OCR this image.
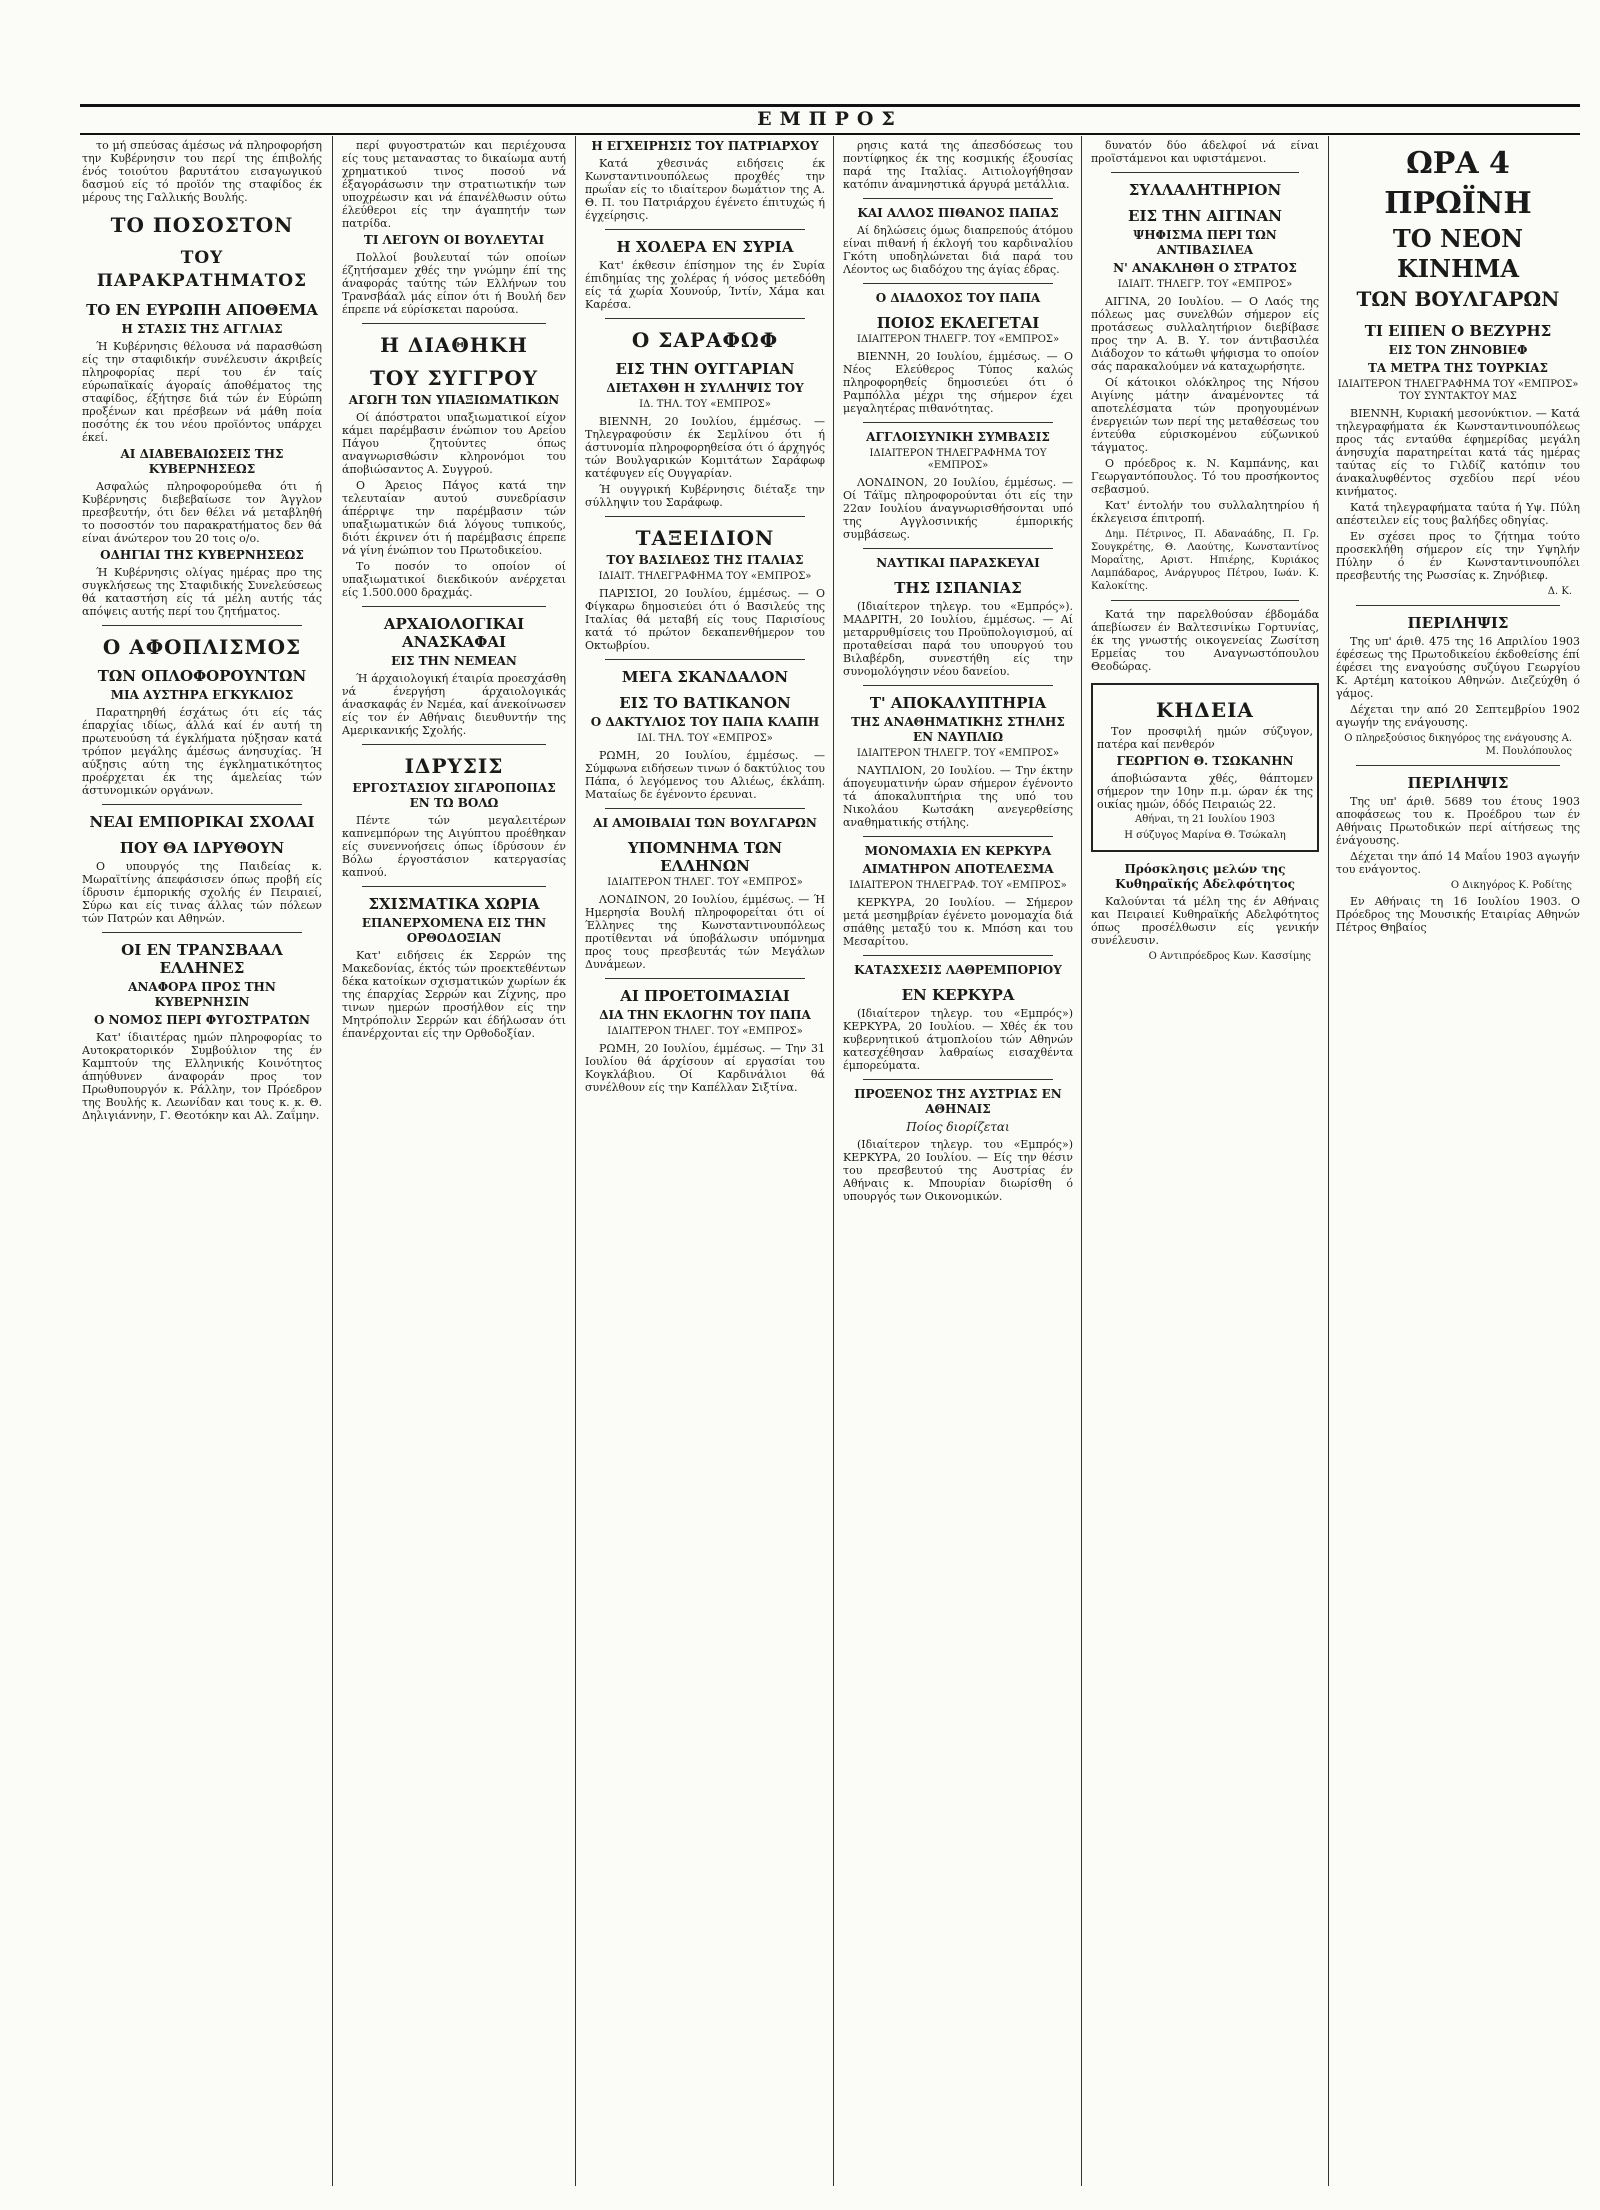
ΕΜΠΡΟΣ
το μή σπεύσας άμέσως νά πληροφορήση την Κυβέρνησιν του περί της έπιβολής ένός τοιούτου βαρυτάτου εισαγωγικού δασμού είς τό προϊόν της σταφίδος έκ μέρους της Γαλλικής Βουλής.
ΤΟ ΠΟΣΟΣΤΟΝ
ΤΟΥ ΠΑΡΑΚΡΑΤΗΜΑΤΟΣ
ΤΟ ΕΝ ΕΥΡΩΠΗ ΑΠΟΘΕΜΑ
Η ΣΤΑΣΙΣ ΤΗΣ ΑΓΓΛΙΑΣ
Ή Κυβέρνησις θέλουσα νά παρασθώση είς την σταφιδικήν συνέλευσιν άκριβείς πληροφορίας περί του έν ταίς εύρωπαϊκαίς άγοραίς άποθέματος της σταφίδος, έξήτησε διά τών έν Εύρώπη προξένων και πρέσβεων νά μάθη ποία ποσότης έκ του νέου προϊόντος υπάρχει έκεί.
ΑΙ ΔΙΑΒΕΒΑΙΩΣΕΙΣ ΤΗΣ ΚΥΒΕΡΝΗΣΕΩΣ
Ασφαλώς πληροφορούμεθα ότι ή Κυβέρνησις διεβεβαίωσε τον Άγγλον πρεσβευτήν, ότι δεν θέλει νά μεταβληθή το ποσοστόν του παρακρατήματος δεν θά είναι άνώτερον του 20 τοις ο/ο.
ΟΔΗΓΙΑΙ ΤΗΣ ΚΥΒΕΡΝΗΣΕΩΣ
Ή Κυβέρνησις ολίγας ημέρας προ της συγκλήσεως της Σταφιδικής Συνελεύσεως θά καταστήση είς τά μέλη αυτής τάς απόψεις αυτής περί του ζητήματος.
Ο ΑΦΟΠΛΙΣΜΟΣ
ΤΩΝ ΟΠΛΟΦΟΡΟΥΝΤΩΝ
ΜΙΑ ΑΥΣΤΗΡΑ ΕΓΚΥΚΛΙΟΣ
Παρατηρηθή έσχάτως ότι είς τάς έπαρχίας ιδίως, άλλά καί έν αυτή τη πρωτευούση τά έγκλήματα ηύξησαν κατά τρόπον μεγάλης άμέσως άνησυχίας. Ή αύξησις αύτη της έγκληματικότητος προέρχεται έκ της άμελείας τών άστυνομικών οργάνων.
ΝΕΑΙ ΕΜΠΟΡΙΚΑΙ ΣΧΟΛΑΙ
ΠΟΥ ΘΑ ΙΔΡΥΘΟΥΝ
Ο υπουργός της Παιδείας κ. Μωραϊτίνης άπεφάσισεν όπως προβή είς ίδρυσιν έμπορικής σχολής έν Πειραιεί, Σύρω και είς τινας άλλας τών πόλεων τών Πατρών και Αθηνών.
ΟΙ ΕΝ ΤΡΑΝΣΒΑΑΛ ΕΛΛΗΝΕΣ
ΑΝΑΦΟΡΑ ΠΡΟΣ ΤΗΝ ΚΥΒΕΡΝΗΣΙΝ
Ο ΝΟΜΟΣ ΠΕΡΙ ΦΥΓΟΣΤΡΑΤΩΝ
Κατ' ίδιαιτέρας ημών πληροφορίας το Αυτοκρατορικόν Συμβούλιον της έν Καμπτούν της Ελληνικής Κοινότητος άπηύθυνεν άναφοράν προς τον Πρωθυπουργόν κ. Ράλλην, τον Πρόεδρον της Βουλής κ. Λεωνίδαν και τους κ. κ. Θ. Δηλιγιάννην, Γ. Θεοτόκην και Αλ. Ζαΐμην.
περί φυγοστρατών και περιέχουσα είς τους μεταναστας το δικαίωμα αυτή χρηματικού τινος ποσού νά έξαγοράσωσιν την στρατιωτικήν των υποχρέωσιν και νά έπανέλθωσιν ούτω έλεύθεροι είς την άγαπητήν των πατρίδα.
ΤΙ ΛΕΓΟΥΝ ΟΙ ΒΟΥΛΕΥΤΑΙ
Πολλοί βουλευταί τών οποίων έζητήσαμεν χθές την γνώμην έπί της άναφοράς ταύτης τών Ελλήνων του Τρανσβάαλ μάς είπον ότι ή Βουλή δεν έπρεπε νά εύρίσκεται παρούσα.
Η ΔΙΑΘΗΚΗ
ΤΟΥ ΣΥΓΓΡΟΥ
ΑΓΩΓΗ ΤΩΝ ΥΠΑΞΙΩΜΑΤΙΚΩΝ
Οί άπόστρατοι υπαξιωματικοί είχον κάμει παρέμβασιν ένώπιον του Αρείου Πάγου ζητούντες όπως αναγνωρισθώσιν κληρονόμοι του άποβιώσαντος Α. Συγγρού.
Ο Άρειος Πάγος κατά την τελευταίαν αυτού συνεδρίασιν άπέρριψε την παρέμβασιν τών υπαξιωματικών διά λόγους τυπικούς, διότι έκρινεν ότι ή παρέμβασις έπρεπε νά γίνη ένώπιον του Πρωτοδικείου.
Το ποσόν το οποίον οί υπαξιωματικοί διεκδικούν ανέρχεται είς 1.500.000 δραχμάς.
ΑΡΧΑΙΟΛΟΓΙΚΑΙ ΑΝΑΣΚΑΦΑΙ
ΕΙΣ ΤΗΝ ΝΕΜΕΑΝ
Ή άρχαιολογική έταιρία προεσχάσθη νά ένεργήση άρχαιολογικάς άνασκαφάς έν Νεμέα, καί άνεκοίνωσεν είς τον έν Αθήναις διευθυντήν της Αμερικανικής Σχολής.
ΙΔΡΥΣΙΣ
ΕΡΓΟΣΤΑΣΙΟΥ ΣΙΓΑΡΟΠΟΙΙΑΣ ΕΝ ΤΩ ΒΟΛΩ
Πέντε τών μεγαλειτέρων καπνεμπόρων της Αιγύπτου προέθηκαν είς συνεννοήσεις όπως ίδρύσουν έν Βόλω έργοστάσιον κατεργασίας καπνού.
ΣΧΙΣΜΑΤΙΚΑ ΧΩΡΙΑ
ΕΠΑΝΕΡΧΟΜΕΝΑ ΕΙΣ ΤΗΝ ΟΡΘΟΔΟΞΙΑΝ
Κατ' ειδήσεις έκ Σερρών της Μακεδονίας, έκτός τών προεκτεθέντων δέκα κατοίκων σχισματικών χωρίων έκ της έπαρχίας Σερρών και Ζίχνης, προ τινων ημερών προσήλθον είς την Μητρόπολιν Σερρών και έδήλωσαν ότι έπανέρχονται είς την Ορθοδοξίαν.
Η ΕΓΧΕΙΡΗΣΙΣ ΤΟΥ ΠΑΤΡΙΑΡΧΟΥ
Κατά χθεσινάς ειδήσεις έκ Κωνσταντινουπόλεως προχθές την πρωΐαν είς το ιδιαίτερον δωμάτιον της Α. Θ. Π. του Πατριάρχου έγένετο έπιτυχώς ή έγχείρησις.
Η ΧΟΛΕΡΑ ΕΝ ΣΥΡΙΑ
Κατ' έκθεσιν έπίσημον της έν Συρία έπιδημίας της χολέρας ή νόσος μετεδόθη είς τά χωρία Χουνούρ, Ίντίν, Χάμα και Καρέσα.
Ο ΣΑΡΑΦΩΦ
ΕΙΣ ΤΗΝ ΟΥΓΓΑΡΙΑΝ
ΔΙΕΤΑΧΘΗ Η ΣΥΛΛΗΨΙΣ ΤΟΥ
ΙΔ. ΤΗΛ. ΤΟΥ «ΕΜΠΡΟΣ»
ΒΙΕΝΝΗ, 20 Ιουλίου, έμμέσως. — Τηλεγραφούσιν έκ Σεμλίνου ότι ή άστυνομία πληροφορηθείσα ότι ό άρχηγός τών Βουλγαρικών Κομιτάτων Σαράφωφ κατέφυγεν είς Ουγγαρίαν.
Ή ουγγρική Κυβέρνησις διέταξε την σύλληψιν του Σαράφωφ.
ΤΑΞΕΙΔΙΟΝ
ΤΟΥ ΒΑΣΙΛΕΩΣ ΤΗΣ ΙΤΑΛΙΑΣ
ΙΔΙΑΙΤ. ΤΗΛΕΓΡΑΦΗΜΑ ΤΟΥ «ΕΜΠΡΟΣ»
ΠΑΡΙΣΙΟΙ, 20 Ιουλίου, έμμέσως. — Ο Φίγκαρω δημοσιεύει ότι ό Βασιλεύς της Ιταλίας θά μεταβή είς τους Παρισίους κατά τό πρώτον δεκαπενθήμερον του Οκτωβρίου.
ΜΕΓΑ ΣΚΑΝΔΑΛΟΝ
ΕΙΣ ΤΟ ΒΑΤΙΚΑΝΟΝ
Ο ΔΑΚΤΥΛΙΟΣ ΤΟΥ ΠΑΠΑ ΚΛΑΠΗ
ΙΔΙ. ΤΗΛ. ΤΟΥ «ΕΜΠΡΟΣ»
ΡΩΜΗ, 20 Ιουλίου, έμμέσως. — Σύμφωνα ειδήσεων τινων ό δακτύλιος του Πάπα, ό λεγόμενος του Αλιέως, έκλάπη. Ματαίως δε έγένοντο έρευναι.
ΑΙ ΑΜΟΙΒΑΙΑΙ ΤΩΝ ΒΟΥΛΓΑΡΩΝ
ΥΠΟΜΝΗΜΑ ΤΩΝ ΕΛΛΗΝΩΝ
ΙΔΙΑΙΤΕΡΟΝ ΤΗΛΕΓ. ΤΟΥ «ΕΜΠΡΟΣ»
ΛΟΝΔΙΝΟΝ, 20 Ιουλίου, έμμέσως. — Ή Ημερησία Βουλή πληροφορείται ότι οί Έλληνες της Κωνσταντινουπόλεως προτίθενται νά ύποβάλωσιν υπόμνημα προς τους πρεσβευτάς τών Μεγάλων Δυνάμεων.
ΑΙ ΠΡΟΕΤΟΙΜΑΣΙΑΙ
ΔΙΑ ΤΗΝ ΕΚΛΟΓΗΝ ΤΟΥ ΠΑΠΑ
ΙΔΙΑΙΤΕΡΟΝ ΤΗΛΕΓ. ΤΟΥ «ΕΜΠΡΟΣ»
ΡΩΜΗ, 20 Ιουλίου, έμμέσως. — Την 31 Ιουλίου θά άρχίσουν αί εργασίαι του Κογκλάβιου. Οί Καρδινάλιοι θά συνέλθουν είς την Καπέλλαν Σιξτίνα.
ρησις κατά της άπεσδόσεως του ποντίφηκος έκ της κοσμικής έξουσίας παρά της Ιταλίας. Αιτιολογήθησαν κατόπιν άναμνηστικά άργυρά μετάλλια.
ΚΑΙ ΑΛΛΟΣ ΠΙΘΑΝΟΣ ΠΑΠΑΣ
Αί δηλώσεις όμως διαπρεπούς άτόμου είναι πιθανή ή έκλογή του καρδιναλίου Γκότη υποδηλώνεται διά παρά του Λέοντος ως διαδόχου της άγίας έδρας.
Ο ΔΙΑΔΟΧΟΣ ΤΟΥ ΠΑΠΑ
ΠΟΙΟΣ ΕΚΛΕΓΕΤΑΙ
ΙΔΙΑΙΤΕΡΟΝ ΤΗΛΕΓΡ. ΤΟΥ «ΕΜΠΡΟΣ»
ΒΙΕΝΝΗ, 20 Ιουλίου, έμμέσως. — Ο Νέος Ελεύθερος Τύπος καλώς πληροφορηθείς δημοσιεύει ότι ό Ραμπόλλα μέχρι της σήμερον έχει μεγαλητέρας πιθανότητας.
ΑΓΓΛΟΙΣΥΝΙΚΗ ΣΥΜΒΑΣΙΣ
ΙΔΙΑΙΤΕΡΟΝ ΤΗΛΕΓΡΑΦΗΜΑ ΤΟΥ «ΕΜΠΡΟΣ»
ΛΟΝΔΙΝΟΝ, 20 Ιουλίου, έμμέσως. — Οί Τάϊμς πληροφορούνται ότι είς την 22αν Ιουλίου άναγνωρισθήσονται υπό της Αγγλοσινικής έμπορικής συμβάσεως.
ΝΑΥΤΙΚΑΙ ΠΑΡΑΣΚΕΥΑΙ
ΤΗΣ ΙΣΠΑΝΙΑΣ
(Ιδιαίτερον τηλεγρ. του «Εμπρός»). ΜΑΔΡΙΤΗ, 20 Ιουλίου, έμμέσως. — Αί μεταρρυθμίσεις του Προϋπολογισμού, αί προταθείσαι παρά του υπουργού του Βιλαβέρδη, συνεστήθη είς την συνομολόγησιν νέου δανείου.
Τ' ΑΠΟΚΑΛΥΠΤΗΡΙΑ
ΤΗΣ ΑΝΑΘΗΜΑΤΙΚΗΣ ΣΤΗΛΗΣ ΕΝ ΝΑΥΠΛΙΩ
ΙΔΙΑΙΤΕΡΟΝ ΤΗΛΕΓΡ. ΤΟΥ «ΕΜΠΡΟΣ»
ΝΑΥΠΛΙΟΝ, 20 Ιουλίου. — Την έκτην άπογευματινήν ώραν σήμερον έγένοντο τά άποκαλυπτήρια της υπό του Νικολάου Κωτσάκη ανεγερθείσης αναθηματικής στήλης.
ΜΟΝΟΜΑΧΙΑ ΕΝ ΚΕΡΚΥΡΑ
ΑΙΜΑΤΗΡΟΝ ΑΠΟΤΕΛΕΣΜΑ
ΙΔΙΑΙΤΕΡΟΝ ΤΗΛΕΓΡΑΦ. ΤΟΥ «ΕΜΠΡΟΣ»
ΚΕΡΚΥΡΑ, 20 Ιουλίου. — Σήμερον μετά μεσημβρίαν έγένετο μονομαχία διά σπάθης μεταξύ του κ. Μπόση και του Μεσαρίτου.
ΚΑΤΑΣΧΕΣΙΣ ΛΑΘΡΕΜΠΟΡΙΟΥ
ΕΝ ΚΕΡΚΥΡΑ
(Ιδιαίτερον τηλεγρ. του «Εμπρός») ΚΕΡΚΥΡΑ, 20 Ιουλίου. — Χθές έκ του κυβερνητικού άτμοπλοίου τών Αθηνών κατεσχέθησαν λαθραίως εισαχθέντα έμπορεύματα.
ΠΡΟΞΕΝΟΣ ΤΗΣ ΑΥΣΤΡΙΑΣ ΕΝ ΑΘΗΝΑΙΣ
Ποίος διορίζεται
(Ιδιαίτερον τηλεγρ. του «Εμπρός») ΚΕΡΚΥΡΑ, 20 Ιουλίου. — Είς την θέσιν του πρεσβευτού της Αυστρίας έν Αθήναις κ. Μπουρίαν διωρίσθη ό υπουργός των Οικονομικών.
δυνατόν δύο άδελφοί νά είναι προϊστάμενοι και υφιστάμενοι.
ΣΥΛΛΑΛΗΤΗΡΙΟΝ
ΕΙΣ ΤΗΝ ΑΙΓΙΝΑΝ
ΨΗΦΙΣΜΑ ΠΕΡΙ ΤΩΝ ΑΝΤΙΒΑΣΙΛΕΑ
Ν' ΑΝΑΚΛΗΘΗ Ο ΣΤΡΑΤΟΣ
ΙΔΙΑΙΤ. ΤΗΛΕΓΡ. ΤΟΥ «ΕΜΠΡΟΣ»
ΑΙΓΙΝΑ, 20 Ιουλίου. — Ο Λαός της πόλεως μας συνελθών σήμερον είς προτάσεως συλλαλητήριον διεβίβασε προς την Α. Β. Υ. τον άντιβασιλέα Διάδοχον το κάτωθι ψήφισμα το οποίον σάς παρακαλούμεν νά καταχωρήσητε.
Οί κάτοικοι ολόκληρος της Νήσου Αιγίνης μάτην άναμένοντες τά αποτελέσματα τών προηγουμένων ένεργειών των περί της μεταθέσεως του έντεύθα εύρισκομένου εύζωνικού τάγματος.
Ο πρόεδρος κ. Ν. Καμπάνης, και Γεωργαντόπουλος. Τό του προσήκοντος σεβασμού.
Κατ' έντολήν του συλλαλητηρίου ή έκλεγεισα έπιτροπή.
Δημ. Πέτρινος, Π. Αδαναάδης, Π. Γρ. Σουγκρέτης, Θ. Λαούτης, Κωνσταντίνος Μοραΐτης, Αριστ. Ηπιέρης, Κυριάκος Λαμπάδαρος, Ανάργυρος Πέτρου, Ιωάν. Κ. Καλοκίτης.
Κατά την παρελθούσαν έβδομάδα άπεβίωσεν έν Βαλτεσινίκω Γορτυνίας, έκ της γνωστής οικογενείας Ζωσίτση Ερμείας του Αναγνωστόπουλου Θεοδώρας.
ΚΗΔΕΙΑ
Τον προσφιλή ημών σύζυγον, πατέρα καί πενθερόν
ΓΕΩΡΓΙΟΝ Θ. ΤΣΩΚΑΝΗΝ
άποβιώσαντα χθές, θάπτομεν σήμερον την 10ην π.μ. ώραν έκ της οικίας ημών, όδός Πειραιώς 22.
Αθήναι, τη 21 Ιουλίου 1903
Η σύζυγος Μαρίνα Θ. Τσώκαλη
Πρόσκλησις μελών της Κυθηραϊκής Αδελφότητος
Καλούνται τά μέλη της έν Αθήναις και Πειραιεί Κυθηραϊκής Αδελφότητος όπως προσέλθωσιν είς γενικήν συνέλευσιν.
Ο Αντιπρόεδρος Κων. Κασσίμης
ΩΡΑ 4 ΠΡΩΪΝΗ
ΤΟ ΝΕΟΝ ΚΙΝΗΜΑ
ΤΩΝ ΒΟΥΛΓΑΡΩΝ
ΤΙ ΕΙΠΕΝ Ο ΒΕΖΥΡΗΣ
ΕΙΣ ΤΟΝ ΖΗΝΟΒΙΕΦ
ΤΑ ΜΕΤΡΑ ΤΗΣ ΤΟΥΡΚΙΑΣ
ΙΔΙΑΙΤΕΡΟΝ ΤΗΛΕΓΡΑΦΗΜΑ ΤΟΥ «ΕΜΠΡΟΣ» ΤΟΥ ΣΥΝΤΑΚΤΟΥ ΜΑΣ
ΒΙΕΝΝΗ, Κυριακή μεσονύκτιον. — Κατά τηλεγραφήματα έκ Κωνσταντινουπόλεως προς τάς ενταύθα έφημερίδας μεγάλη άνησυχία παρατηρείται κατά τάς ημέρας ταύτας είς το Γιλδίζ κατόπιν του άνακαλυφθέντος σχεδίου περί νέου κινήματος.
Κατά τηλεγραφήματα ταύτα ή Υψ. Πύλη απέστειλεν είς τους βαλήδες οδηγίας.
Εν σχέσει προς το ζήτημα τούτο προσεκλήθη σήμερον είς την Υψηλήν Πύλην ό έν Κωνσταντινουπόλει πρεσβευτής της Ρωσσίας κ. Ζηνόβιεφ.
Δ. Κ.
ΠΕΡΙΛΗΨΙΣ
Της υπ' άριθ. 475 της 16 Απριλίου 1903 έφέσεως της Πρωτοδικείου έκδοθείσης έπί έφέσει της εναγούσης συζύγου Γεωργίου Κ. Αρτέμη κατοίκου Αθηνών. Διεζεύχθη ό γάμος.
Δέχεται την από 20 Σεπτεμβρίου 1902 αγωγήν της ενάγουσης.
Ο πληρεξούσιος δικηγόρος της ενάγουσης Α. Μ. Πουλόπουλος
ΠΕΡΙΛΗΨΙΣ
Της υπ' άριθ. 5689 του έτους 1903 αποφάσεως του κ. Προέδρου των έν Αθήναις Πρωτοδικών περί αίτήσεως της ένάγουσης.
Δέχεται την άπό 14 Μαΐου 1903 αγωγήν του ενάγοντος.
Ο Δικηγόρος Κ. Ροδίτης
Εν Αθήναις τη 16 Ιουλίου 1903. Ο Πρόεδρος της Μουσικής Εταιρίας Αθηνών Πέτρος Θηβαίος
